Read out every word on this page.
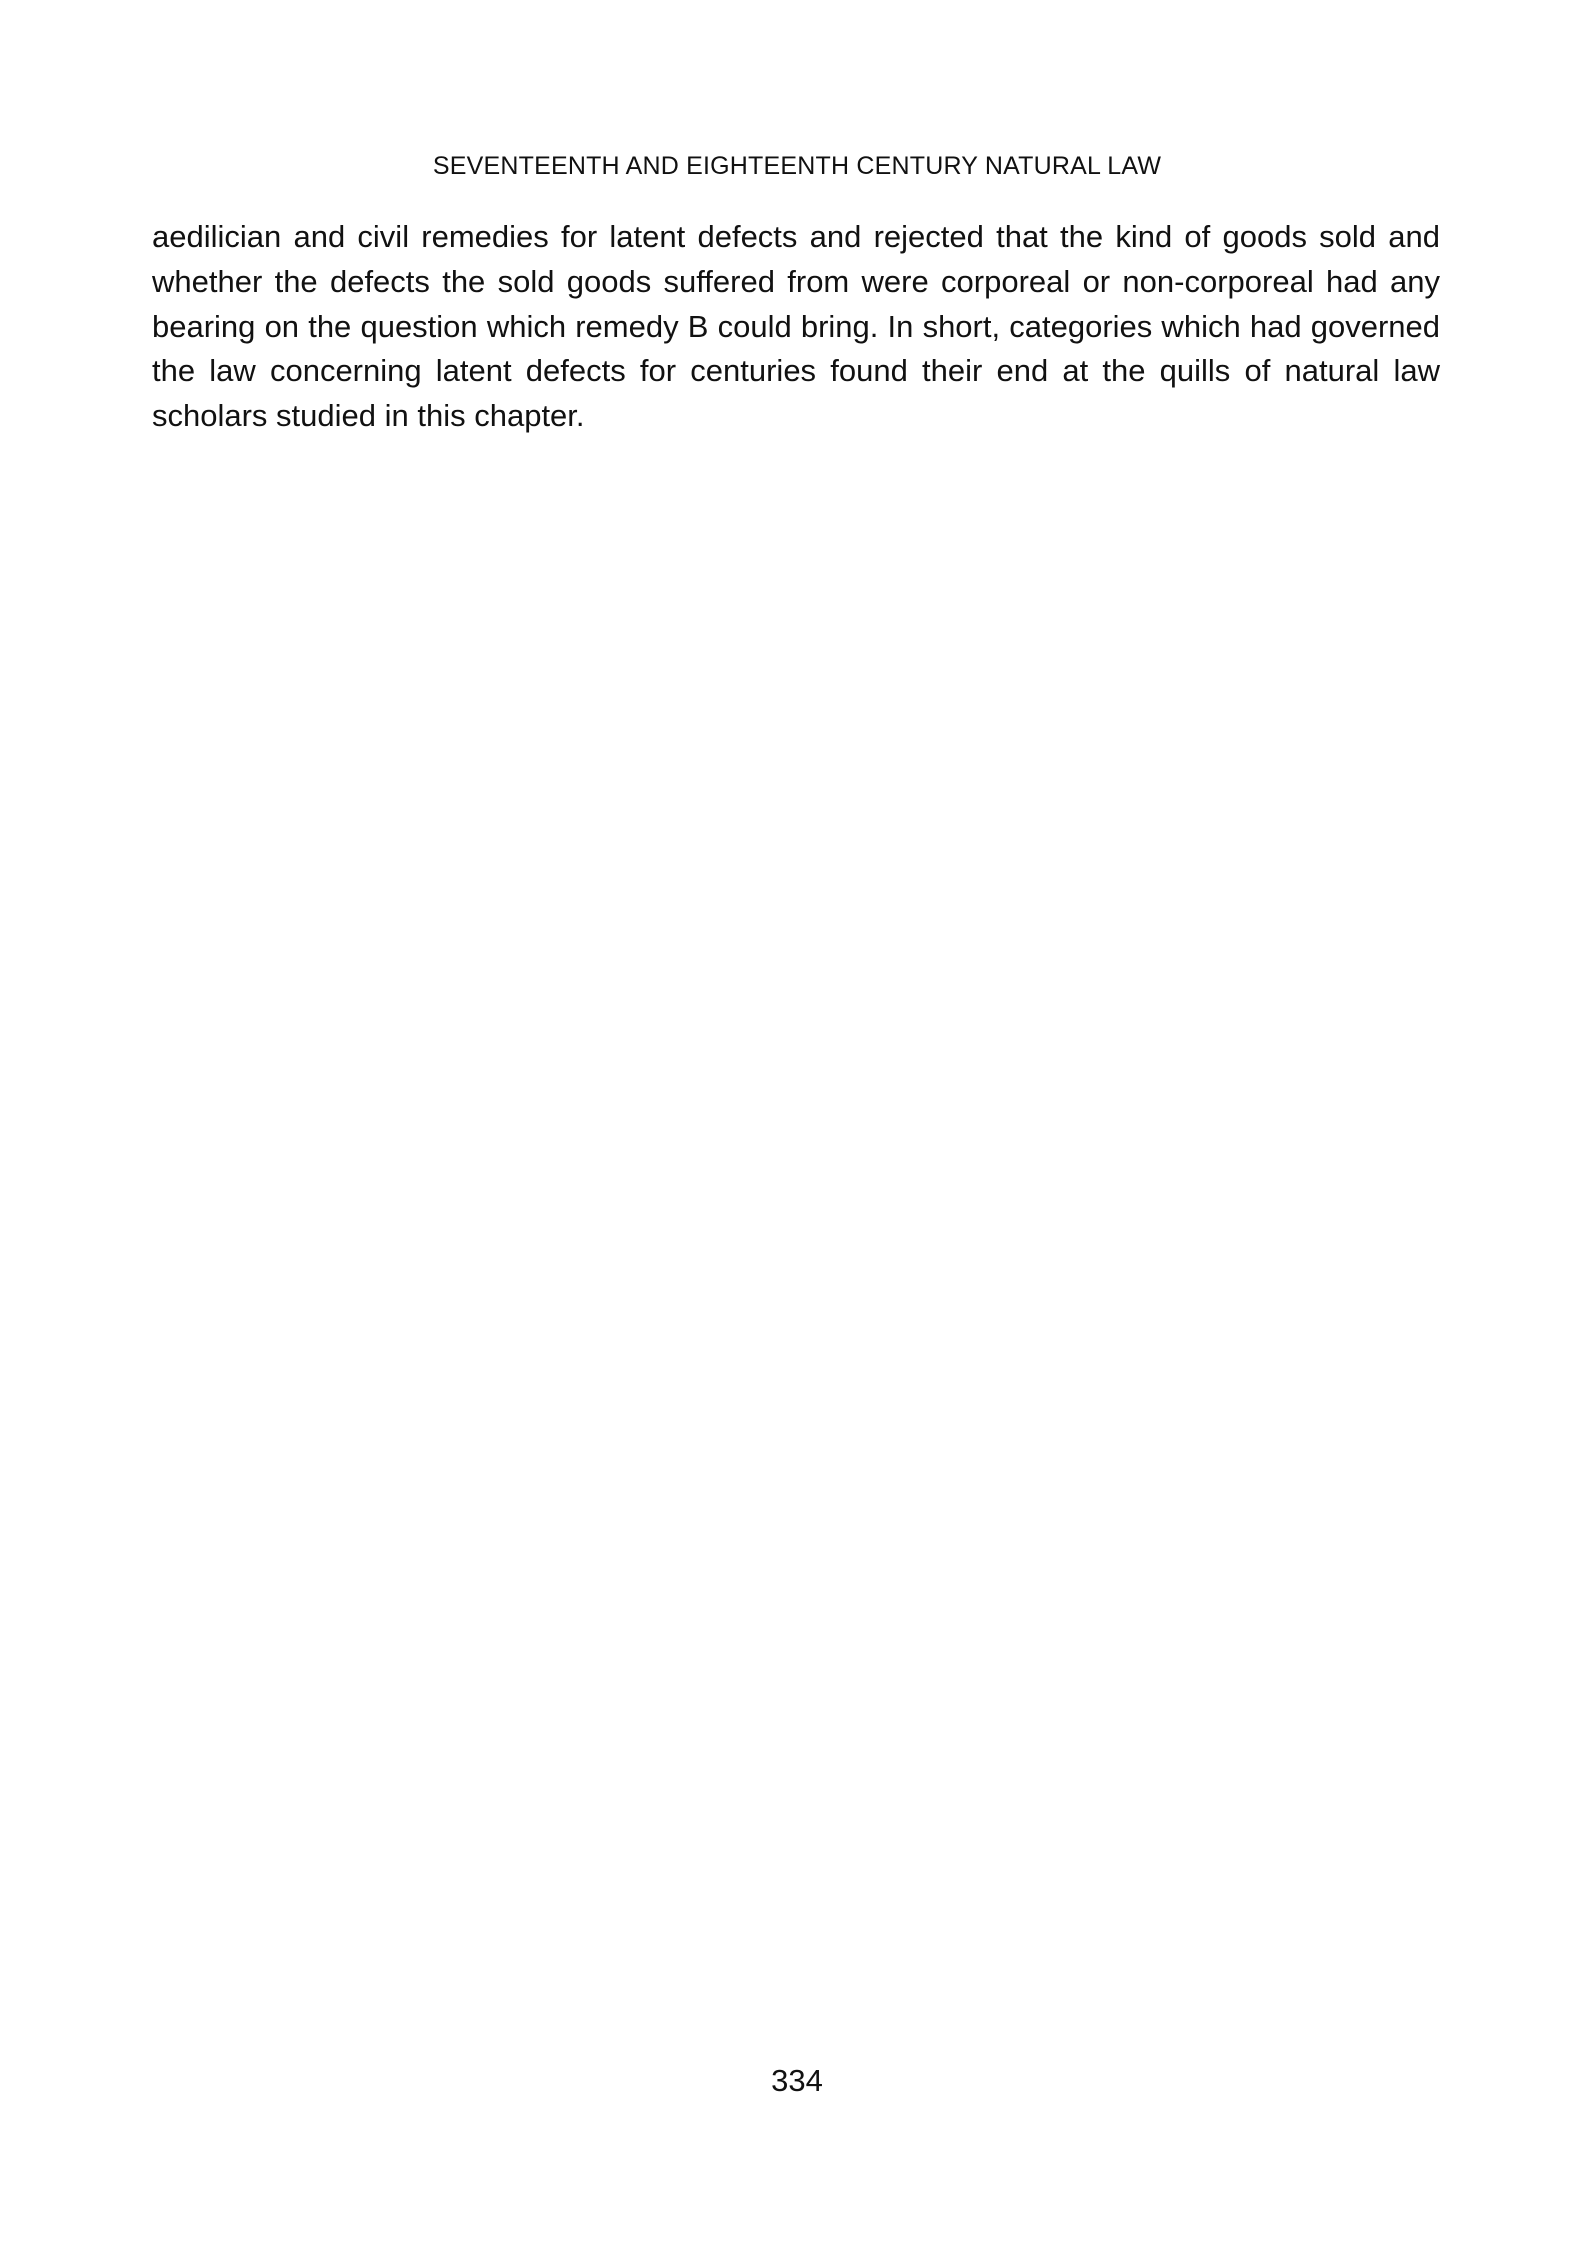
SEVENTEENTH AND EIGHTEENTH CENTURY NATURAL LAW

aedilician and civil remedies for latent defects and rejected that the kind of goods sold and whether the defects the sold goods suffered from were corporeal or non-corporeal had any bearing on the question which remedy B could bring. In short, categories which had governed the law concerning latent defects for centuries found their end at the quills of natural law scholars studied in this chapter.

334
